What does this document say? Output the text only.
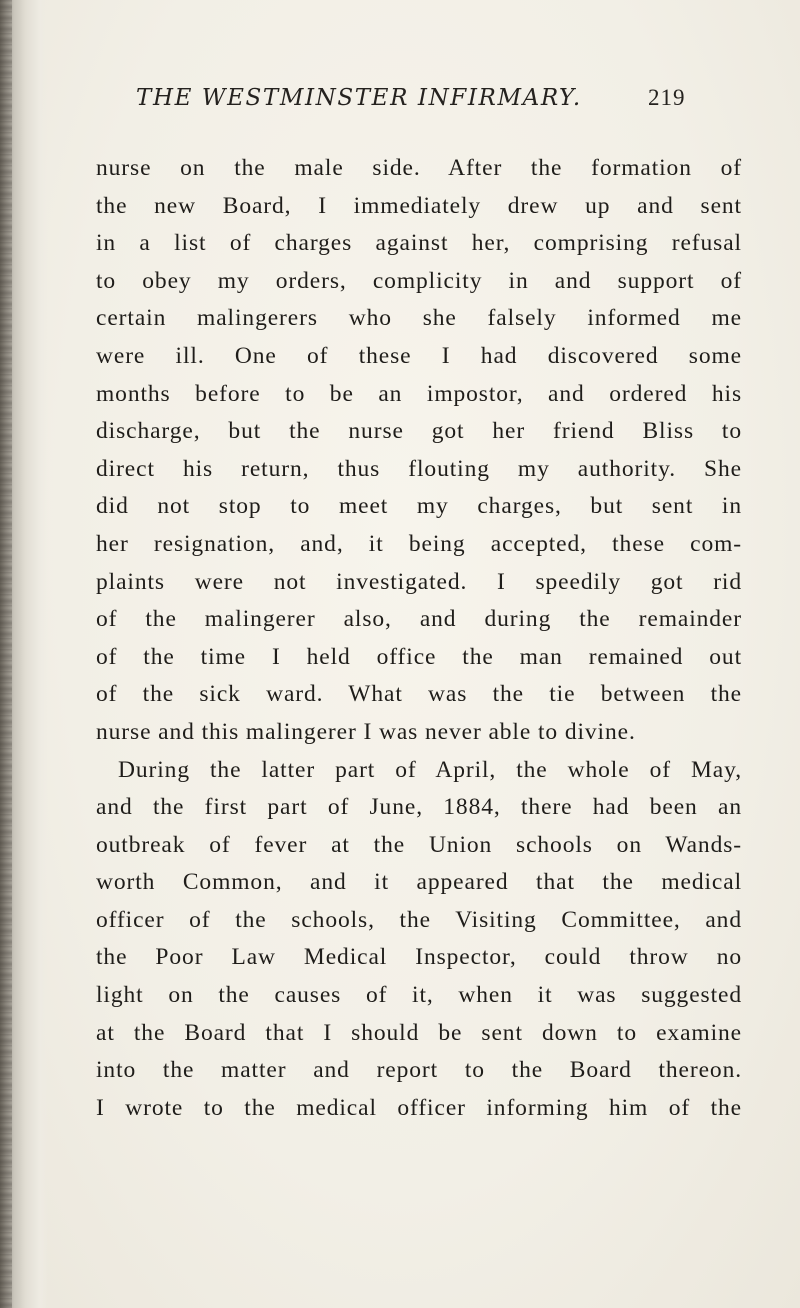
THE WESTMINSTER INFIRMARY.	219
nurse on the male side. After the formation of
the new Board, I immediately drew up and sent
in a list of charges against her, comprising refusal
to obey my orders, complicity in and support of
certain malingerers who she falsely informed me
were ill. One of these I had discovered some
months before to be an impostor, and ordered his
discharge, but the nurse got her friend Bliss to
direct his return, thus flouting my authority. She
did not stop to meet my charges, but sent in
her resignation, and, it being accepted, these com-
plaints were not investigated. I speedily got rid
of the malingerer also, and during the remainder
of the time I held office the man remained out
of the sick ward. What was the tie between the
nurse and this malingerer I was never able to divine.
During the latter part of April, the whole of May,
and the first part of June, 1884, there had been an
outbreak of fever at the Union schools on Wands-
worth Common, and it appeared that the medical
officer of the schools, the Visiting Committee, and
the Poor Law Medical Inspector, could throw no
light on the causes of it, when it was suggested
at the Board that I should be sent down to examine
into the matter and report to the Board thereon.
I wrote to the medical officer informing him of the
